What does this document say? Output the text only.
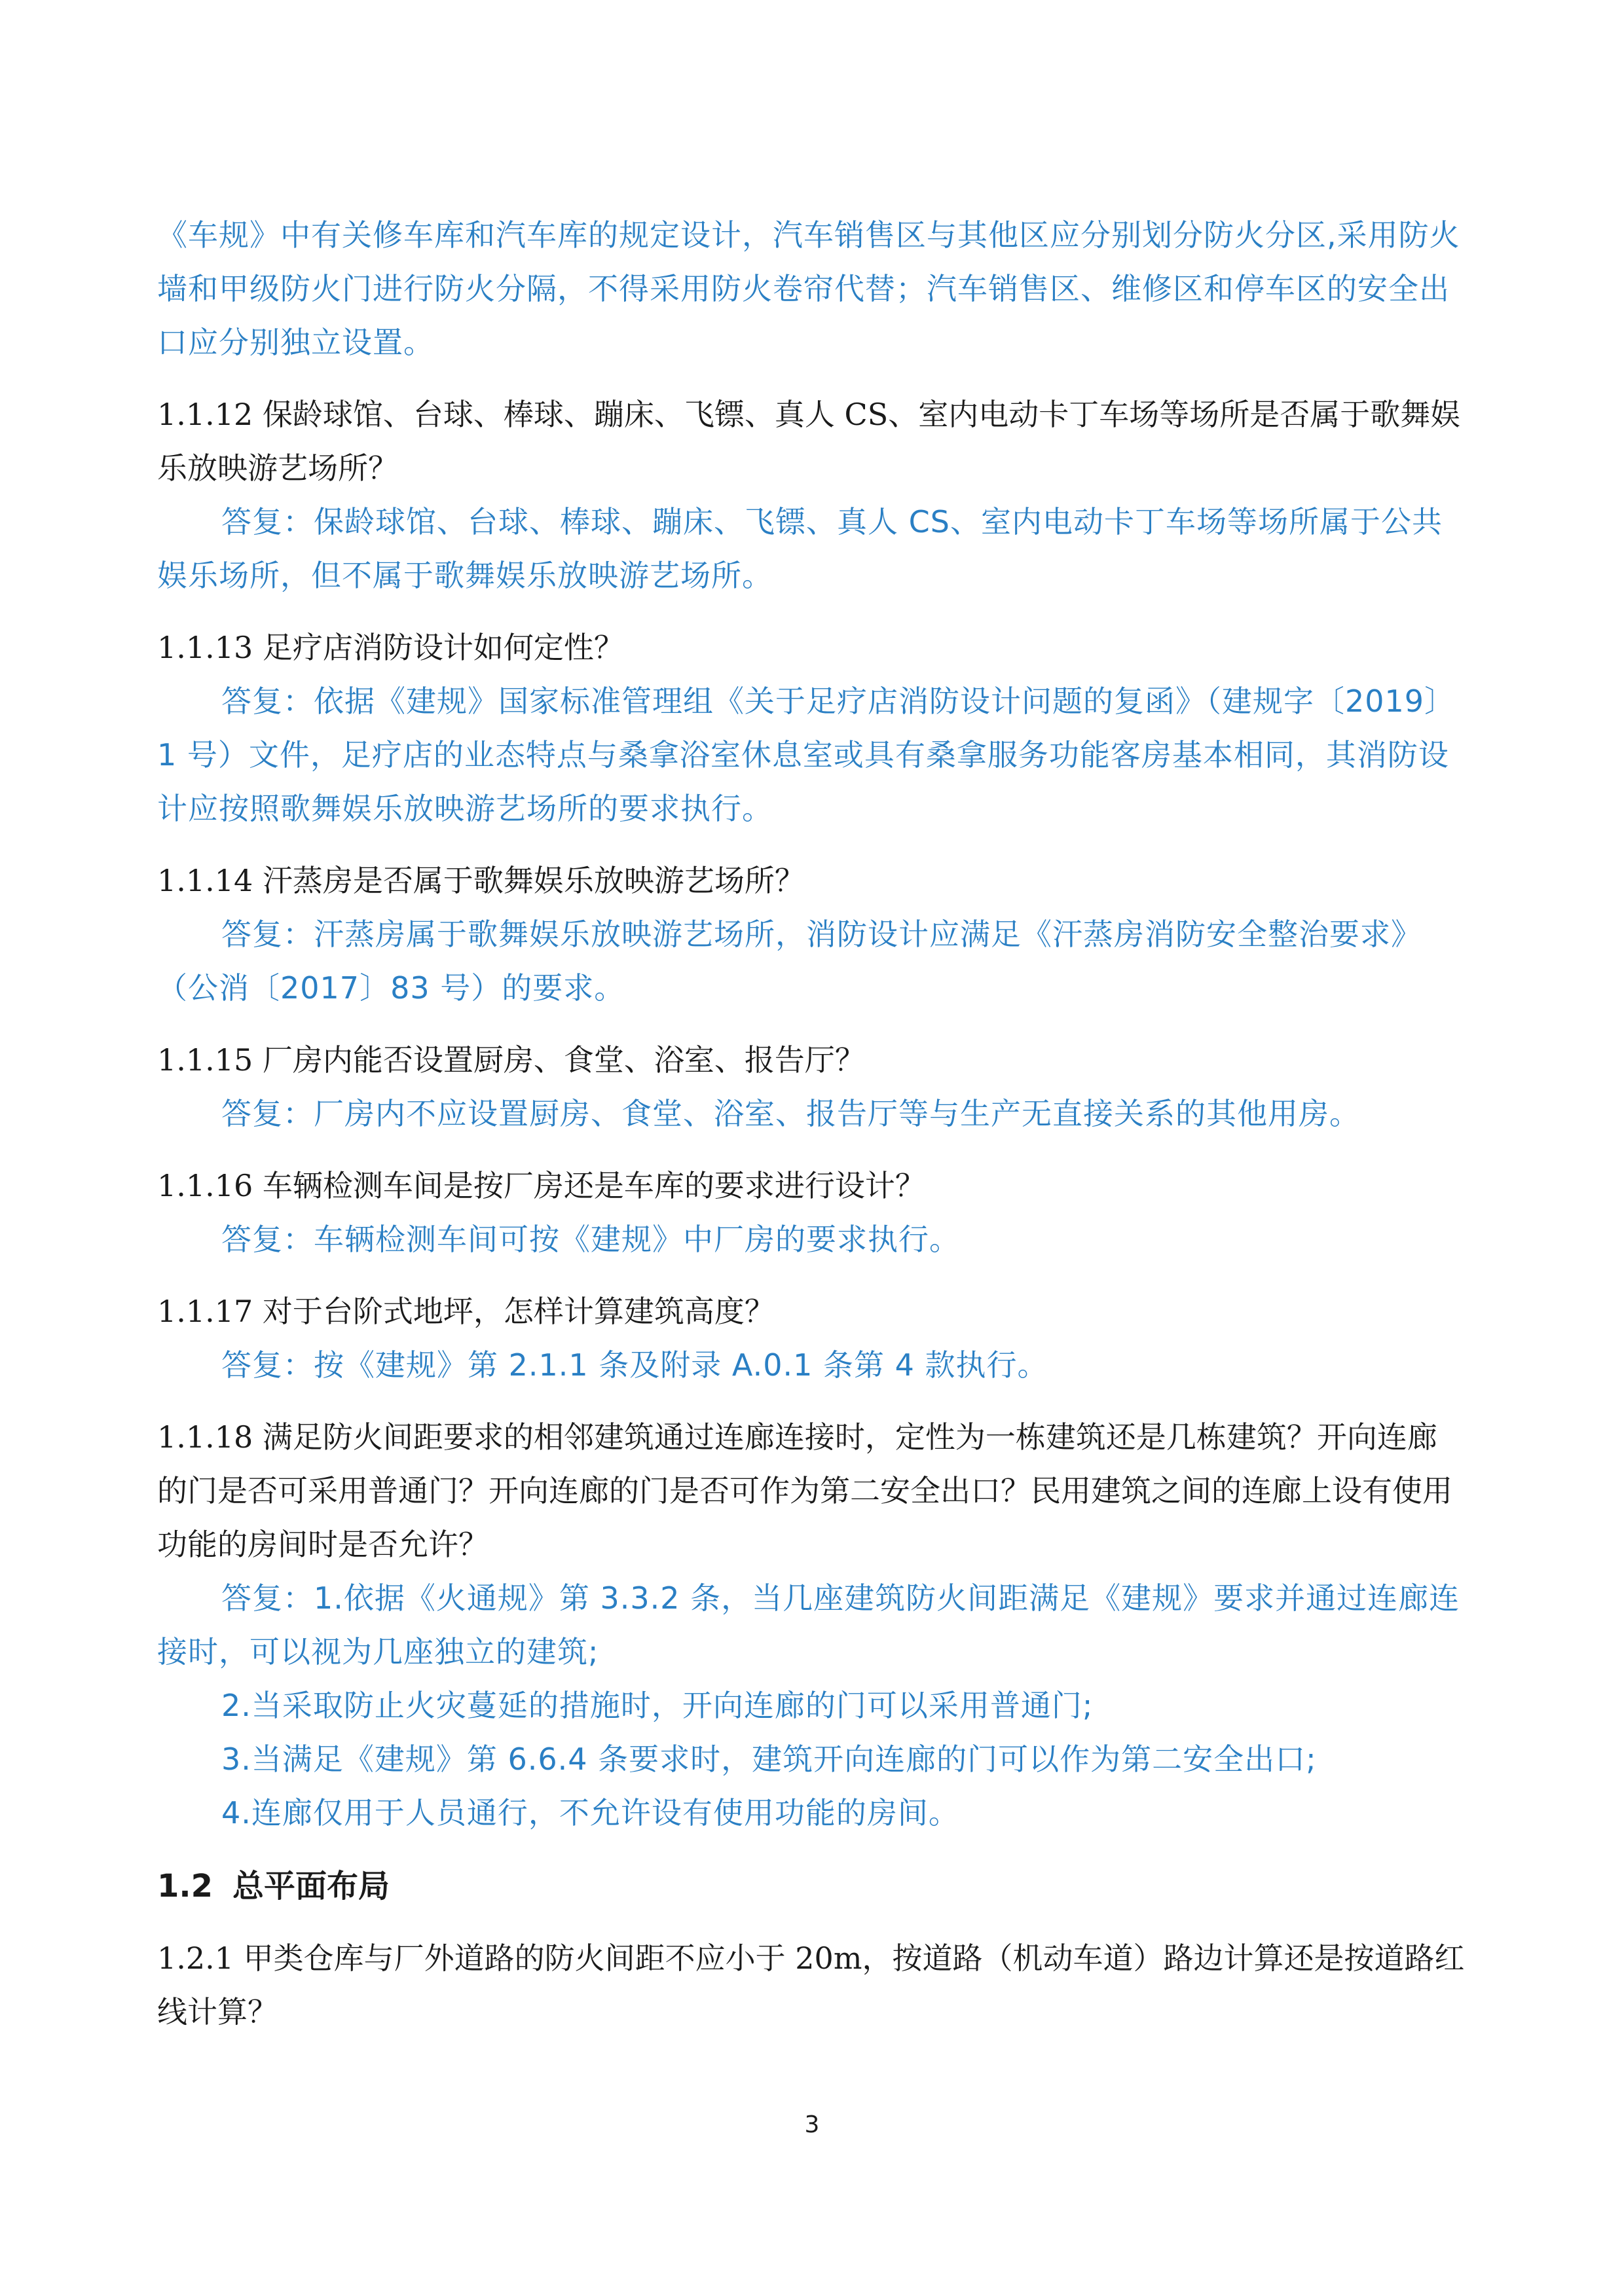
《车规》中有关修车库和汽车库的规定设计，汽车销售区与其他区应分别划分防火分区,采用防火墙和甲级防火门进行防火分隔，不得采用防火卷帘代替；汽车销售区、维修区和停车区的安全出口应分别独立设置。

1.1.12 保龄球馆、台球、棒球、蹦床、飞镖、真人 CS、室内电动卡丁车场等场所是否属于歌舞娱乐放映游艺场所？

答复：保龄球馆、台球、棒球、蹦床、飞镖、真人 CS、室内电动卡丁车场等场所属于公共娱乐场所，但不属于歌舞娱乐放映游艺场所。

1.1.13 足疗店消防设计如何定性？

答复：依据《建规》国家标准管理组《关于足疗店消防设计问题的复函》（建规字〔2019〕1 号）文件，足疗店的业态特点与桑拿浴室休息室或具有桑拿服务功能客房基本相同，其消防设计应按照歌舞娱乐放映游艺场所的要求执行。

1.1.14 汗蒸房是否属于歌舞娱乐放映游艺场所？

答复：汗蒸房属于歌舞娱乐放映游艺场所，消防设计应满足《汗蒸房消防安全整治要求》（公消〔2017〕83 号）的要求。

1.1.15 厂房内能否设置厨房、食堂、浴室、报告厅？

答复：厂房内不应设置厨房、食堂、浴室、报告厅等与生产无直接关系的其他用房。

1.1.16 车辆检测车间是按厂房还是车库的要求进行设计？

答复：车辆检测车间可按《建规》中厂房的要求执行。

1.1.17 对于台阶式地坪，怎样计算建筑高度？

答复：按《建规》第 2.1.1 条及附录 A.0.1 条第 4 款执行。

1.1.18 满足防火间距要求的相邻建筑通过连廊连接时，定性为一栋建筑还是几栋建筑？开向连廊的门是否可采用普通门？开向连廊的门是否可作为第二安全出口？民用建筑之间的连廊上设有使用功能的房间时是否允许？

答复：1.依据《火通规》第 3.3.2 条，当几座建筑防火间距满足《建规》要求并通过连廊连接时，可以视为几座独立的建筑;

2.当采取防止火灾蔓延的措施时，开向连廊的门可以采用普通门;

3.当满足《建规》第 6.6.4 条要求时，建筑开向连廊的门可以作为第二安全出口;

4.连廊仅用于人员通行，不允许设有使用功能的房间。

1.2 总平面布局

1.2.1 甲类仓库与厂外道路的防火间距不应小于 20m，按道路（机动车道）路边计算还是按道路红线计算？

3
